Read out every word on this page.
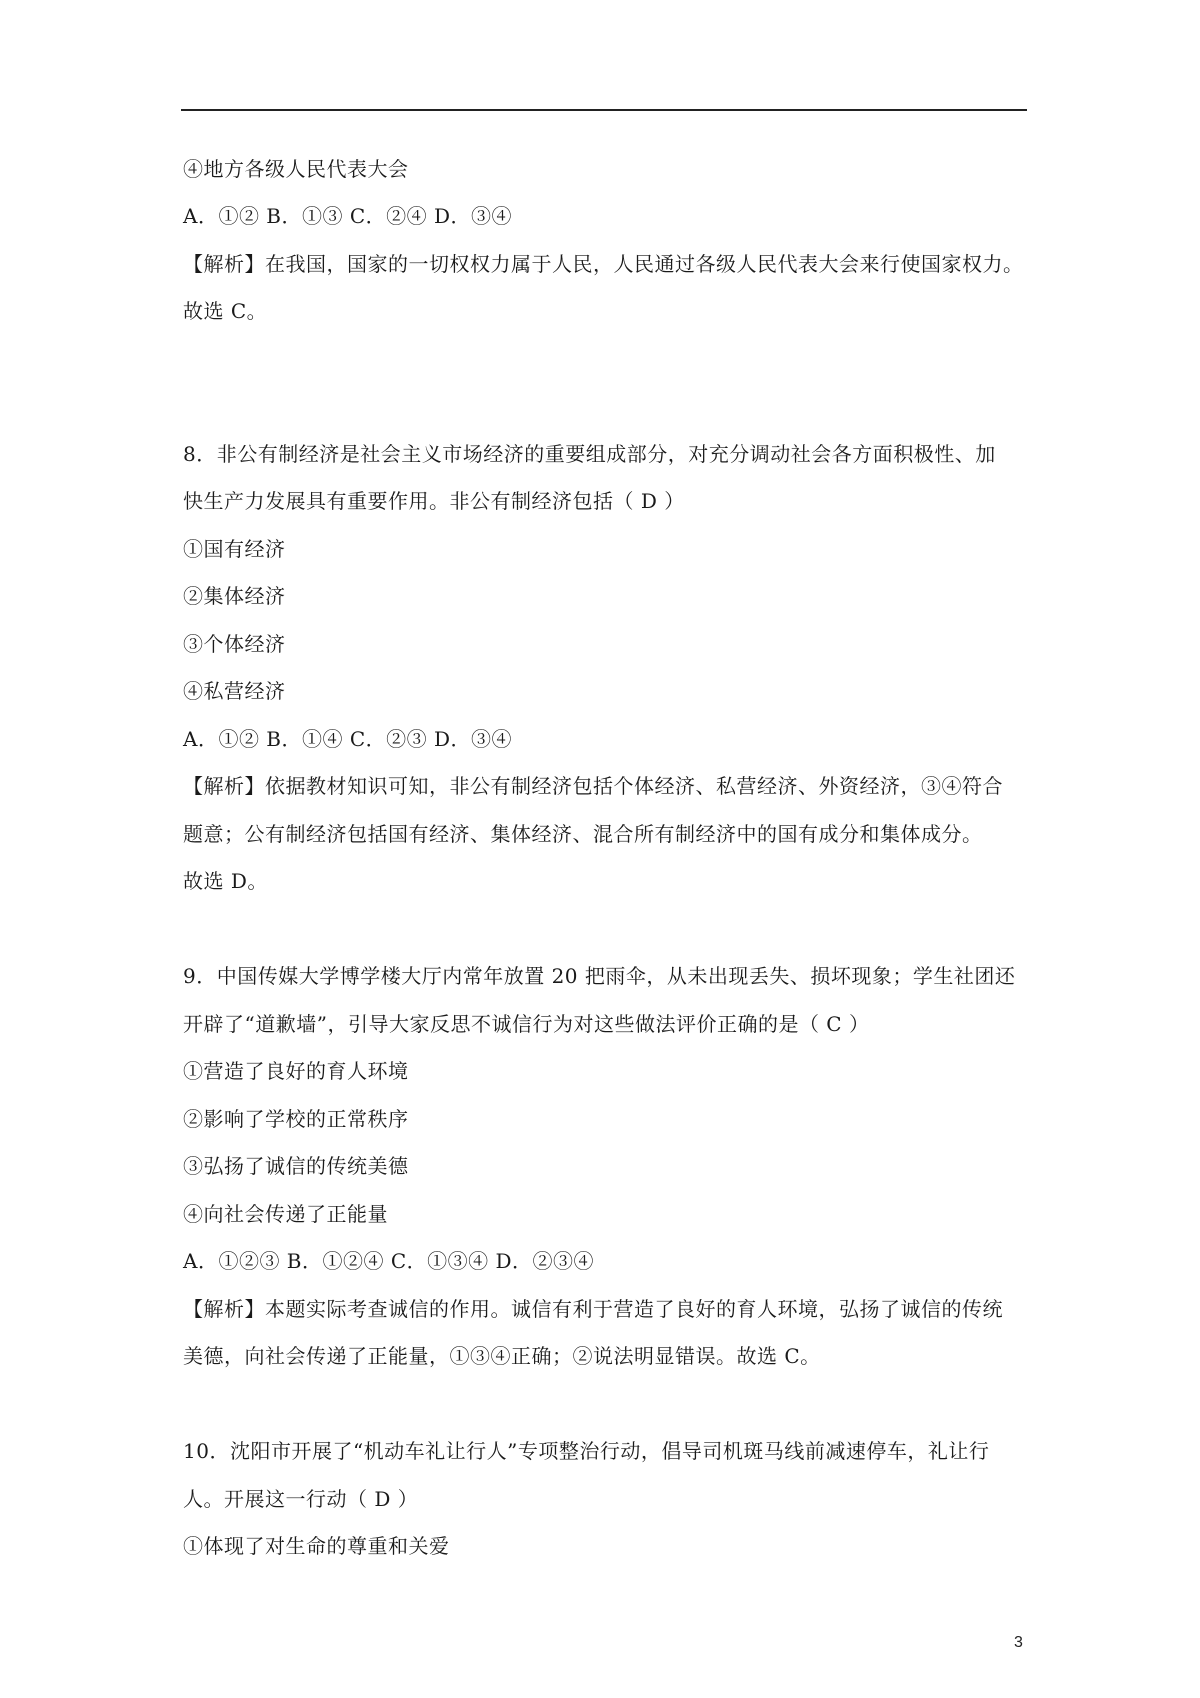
④地方各级人民代表大会
A．①② B．①③ C．②④ D．③④
【解析】在我国，国家的一切权权力属于人民，人民通过各级人民代表大会来行使国家权力。
故选 C。
8．非公有制经济是社会主义市场经济的重要组成部分，对充分调动社会各方面积极性、加
快生产力发展具有重要作用。非公有制经济包括（ D ）
①国有经济
②集体经济
③个体经济
④私营经济
A．①② B．①④ C．②③ D．③④
【解析】依据教材知识可知，非公有制经济包括个体经济、私营经济、外资经济，③④符合
题意；公有制经济包括国有经济、集体经济、混合所有制经济中的国有成分和集体成分。
故选 D。
9．中国传媒大学博学楼大厅内常年放置 20 把雨伞，从未出现丢失、损坏现象；学生社团还
开辟了“道歉墙”，引导大家反思不诚信行为对这些做法评价正确的是（ C ）
①营造了良好的育人环境
②影响了学校的正常秩序
③弘扬了诚信的传统美德
④向社会传递了正能量
A．①②③ B．①②④ C．①③④ D．②③④
【解析】本题实际考查诚信的作用。诚信有利于营造了良好的育人环境，弘扬了诚信的传统
美德，向社会传递了正能量，①③④正确；②说法明显错误。故选 C。
10．沈阳市开展了“机动车礼让行人”专项整治行动，倡导司机斑马线前减速停车，礼让行
人。开展这一行动（ D ）
①体现了对生命的尊重和关爱
3
